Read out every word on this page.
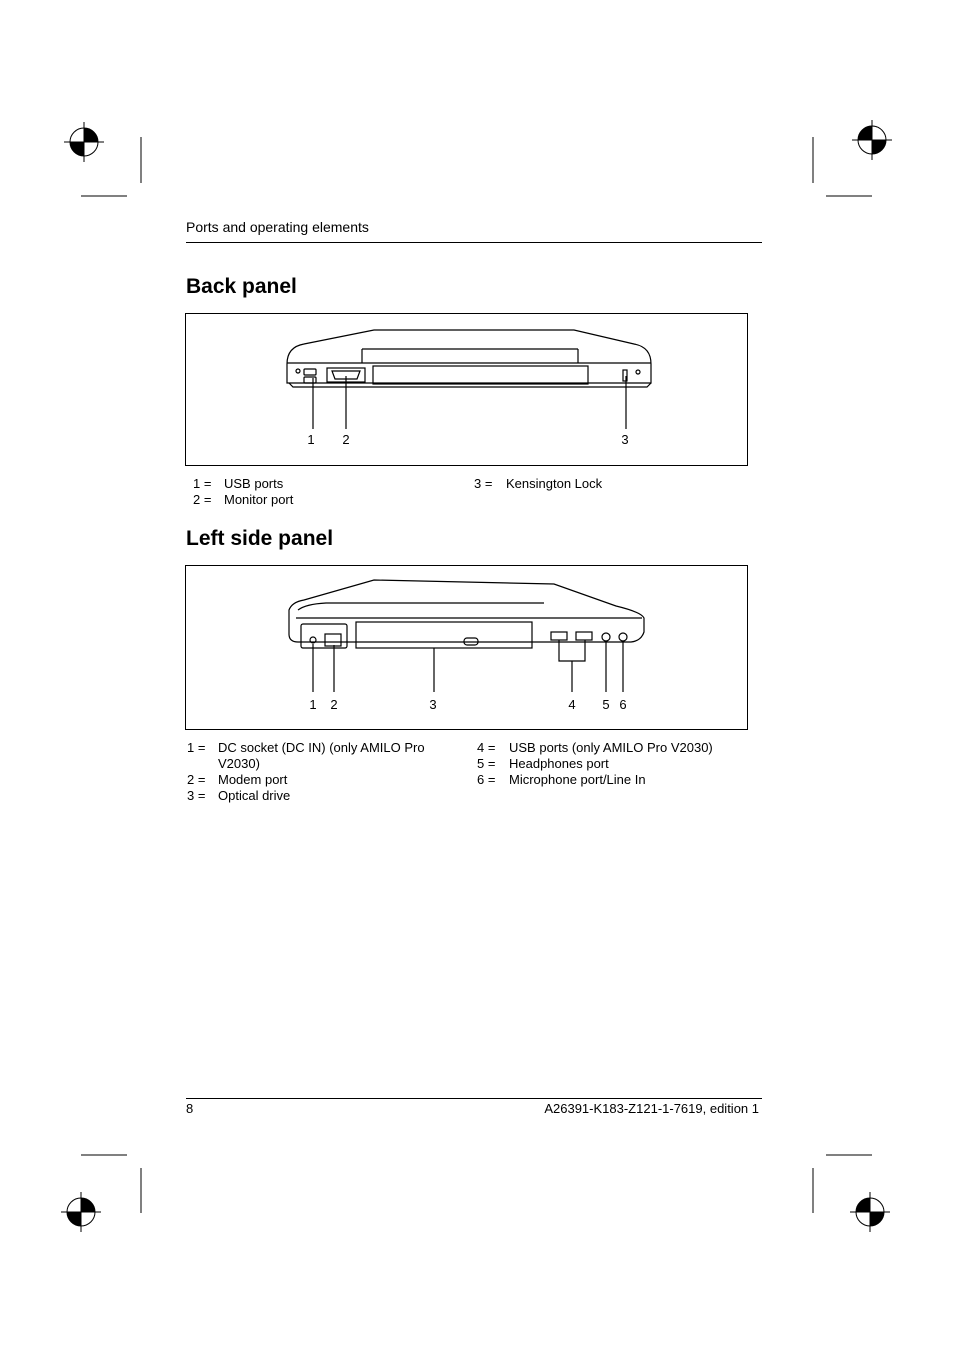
Ports and operating elements
Back panel
1	2	3
1 = USB ports
2 = Monitor port
3 = Kensington Lock
Left side panel
1	2	3	4	5 6
1 = DC socket (DC IN) (only AMILO Pro V2030)
2 = Modem port
3 = Optical drive
4 = USB ports (only AMILO Pro V2030)
5 = Headphones port
6 = Microphone port/Line In
8	A26391-K183-Z121-1-7619, edition 1
